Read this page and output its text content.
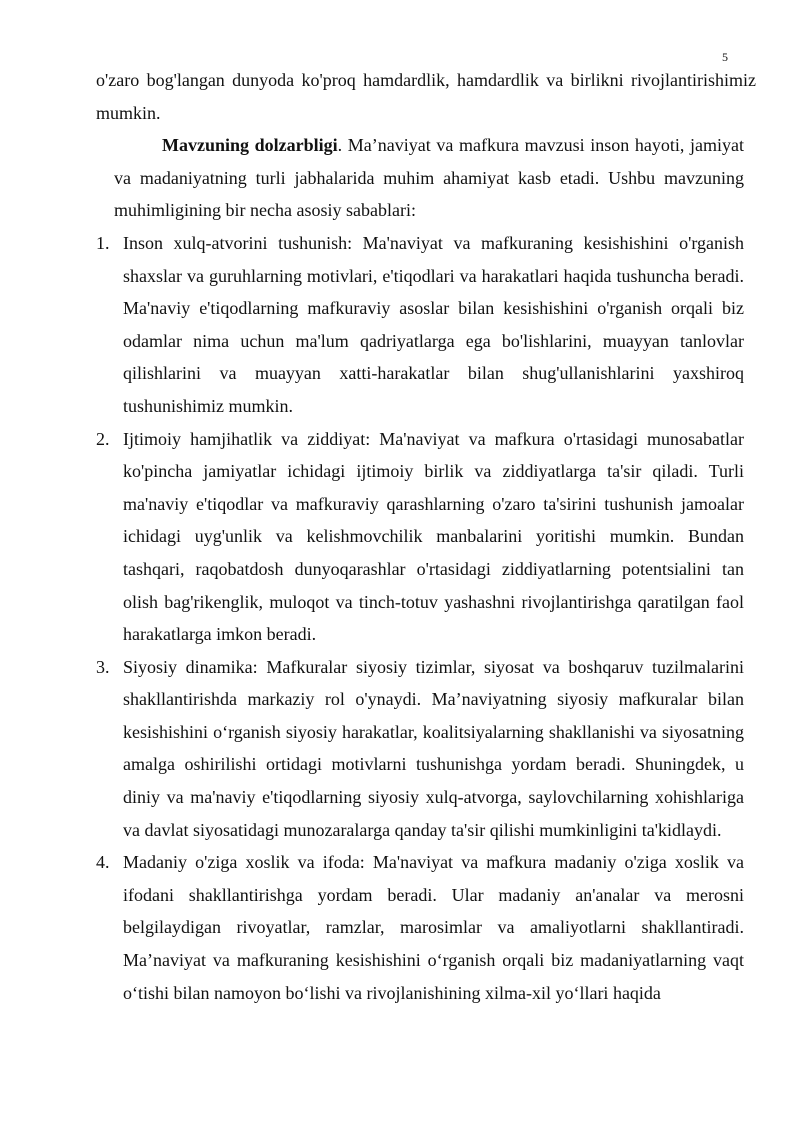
5

o'zaro bog'langan dunyoda ko'proq hamdardlik, hamdardlik va birlikni rivojlantirishimiz mumkin.

Mavzuning dolzarbligi. Ma’naviyat va mafkura mavzusi inson hayoti, jamiyat va madaniyatning turli jabhalarida muhim ahamiyat kasb etadi. Ushbu mavzuning muhimligining bir necha asosiy sabablari:

1. Inson xulq-atvorini tushunish: Ma'naviyat va mafkuraning kesishishini o'rganish shaxslar va guruhlarning motivlari, e'tiqodlari va harakatlari haqida tushuncha beradi. Ma'naviy e'tiqodlarning mafkuraviy asoslar bilan kesishishini o'rganish orqali biz odamlar nima uchun ma'lum qadriyatlarga ega bo'lishlarini, muayyan tanlovlar qilishlarini va muayyan xatti-harakatlar bilan shug'ullanishlarini yaxshiroq tushunishimiz mumkin.
2. Ijtimoiy hamjihatlik va ziddiyat: Ma'naviyat va mafkura o'rtasidagi munosabatlar ko'pincha jamiyatlar ichidagi ijtimoiy birlik va ziddiyatlarga ta'sir qiladi. Turli ma'naviy e'tiqodlar va mafkuraviy qarashlarning o'zaro ta'sirini tushunish jamoalar ichidagi uyg'unlik va kelishmovchilik manbalarini yoritishi mumkin. Bundan tashqari, raqobatdosh dunyoqarashlar o'rtasidagi ziddiyatlarning potentsialini tan olish bag'rikenglik, muloqot va tinch-totuv yashashni rivojlantirishga qaratilgan faol harakatlarga imkon beradi.
3. Siyosiy dinamika: Mafkuralar siyosiy tizimlar, siyosat va boshqaruv tuzilmalarini shakllantirishda markaziy rol o'ynaydi. Ma’naviyatning siyosiy mafkuralar bilan kesishishini o‘rganish siyosiy harakatlar, koalitsiyalarning shakllanishi va siyosatning amalga oshirilishi ortidagi motivlarni tushunishga yordam beradi. Shuningdek, u diniy va ma'naviy e'tiqodlarning siyosiy xulq-atvorga, saylovchilarning xohishlariga va davlat siyosatidagi munozaralarga qanday ta'sir qilishi mumkinligini ta'kidlaydi.
4. Madaniy o'ziga xoslik va ifoda: Ma'naviyat va mafkura madaniy o'ziga xoslik va ifodani shakllantirishga yordam beradi. Ular madaniy an'analar va merosni belgilaydigan rivoyatlar, ramzlar, marosimlar va amaliyotlarni shakllantiradi. Ma’naviyat va mafkuraning kesishishini o‘rganish orqali biz madaniyatlarning vaqt o‘tishi bilan namoyon bo‘lishi va rivojlanishining xilma-xil yo‘llari haqida
